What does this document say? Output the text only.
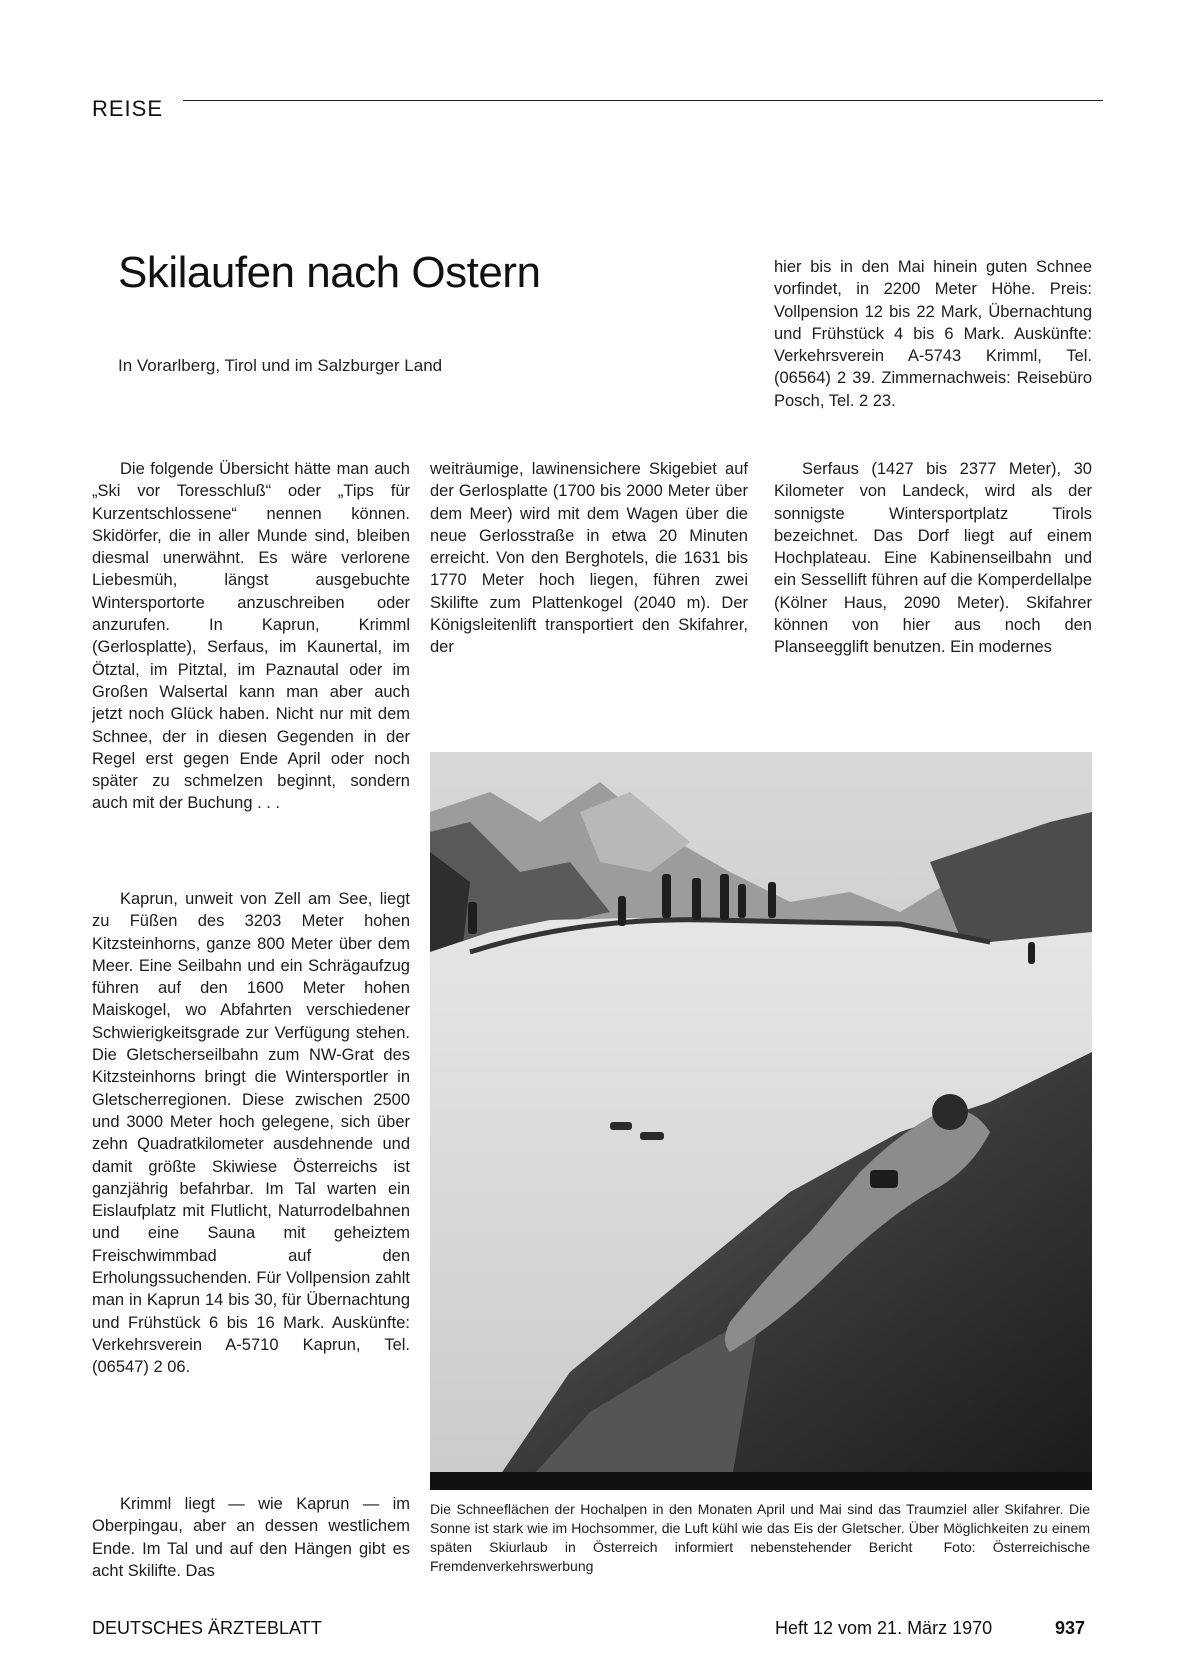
REISE
Skilaufen nach Ostern
In Vorarlberg, Tirol und im Salzburger Land

Die folgende Übersicht hätte man auch „Ski vor Toresschluß“ oder „Tips für Kurzentschlossene“ nennen können. Skidörfer, die in aller Munde sind, bleiben diesmal unerwähnt. Es wäre verlorene Liebesmüh, längst ausgebuchte Wintersportorte anzuschreiben oder anzurufen. In Kaprun, Krimml (Gerlosplatte), Serfaus, im Kaunertal, im Ötztal, im Pitztal, im Paznautal oder im Großen Walsertal kann man aber auch jetzt noch Glück haben. Nicht nur mit dem Schnee, der in diesen Gegenden in der Regel erst gegen Ende April oder noch später zu schmelzen beginnt, sondern auch mit der Buchung . . .

Kaprun, unweit von Zell am See, liegt zu Füßen des 3203 Meter hohen Kitzsteinhorns, ganze 800 Meter über dem Meer. Eine Seilbahn und ein Schrägaufzug führen auf den 1600 Meter hohen Maiskogel, wo Abfahrten verschiedener Schwierigkeitsgrade zur Verfügung stehen. Die Gletscherseilbahn zum NW-Grat des Kitzsteinhorns bringt die Wintersportler in Gletscherregionen. Diese zwischen 2500 und 3000 Meter hoch gelegene, sich über zehn Quadratkilometer ausdehnende und damit größte Skiwiese Österreichs ist ganzjährig befahrbar. Im Tal warten ein Eislaufplatz mit Flutlicht, Naturrodelbahnen und eine Sauna mit geheiztem Freischwimmbad auf den Erholungssuchenden. Für Vollpension zahlt man in Kaprun 14 bis 30, für Übernachtung und Frühstück 6 bis 16 Mark. Auskünfte: Verkehrsverein A-5710 Kaprun, Tel. (06547) 2 06.

Krimml liegt — wie Kaprun — im Oberpingau, aber an dessen westlichem Ende. Im Tal und auf den Hängen gibt es acht Skilifte. Das

weiträumige, lawinensichere Skigebiet auf der Gerlosplatte (1700 bis 2000 Meter über dem Meer) wird mit dem Wagen über die neue Gerlosstraße in etwa 20 Minuten erreicht. Von den Berghotels, die 1631 bis 1770 Meter hoch liegen, führen zwei Skilifte zum Plattenkogel (2040 m). Der Königsleitenlift transportiert den Skifahrer, der

hier bis in den Mai hinein guten Schnee vorfindet, in 2200 Meter Höhe. Preis: Vollpension 12 bis 22 Mark, Übernachtung und Frühstück 4 bis 6 Mark. Auskünfte: Verkehrsverein A-5743 Krimml, Tel. (06564) 2 39. Zimmernachweis: Reisebüro Posch, Tel. 2 23.

Serfaus (1427 bis 2377 Meter), 30 Kilometer von Landeck, wird als der sonnigste Wintersportplatz Tirols bezeichnet. Das Dorf liegt auf einem Hochplateau. Eine Kabinenseilbahn und ein Sessellift führen auf die Komperdellalpe (Kölner Haus, 2090 Meter). Skifahrer können von hier aus noch den Planseegglift benutzen. Ein modernes

Die Schneeflächen der Hochalpen in den Monaten April und Mai sind das Traumziel aller Skifahrer. Die Sonne ist stark wie im Hochsommer, die Luft kühl wie das Eis der Gletscher. Über Möglichkeiten zu einem späten Skiurlaub in Österreich informiert nebenstehender Bericht Foto: Österreichische Fremdenverkehrswerbung
DEUTSCHES ÄRZTEBLATT	Heft 12 vom 21. März 1970	937
